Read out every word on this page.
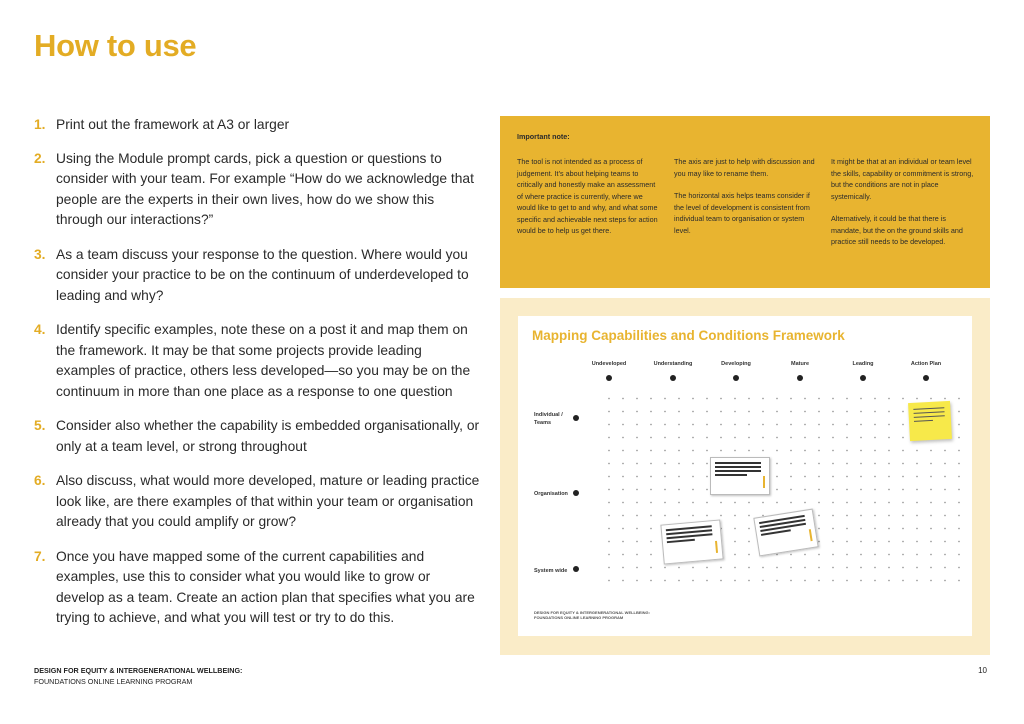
How to use
1. Print out the framework at A3 or larger
2. Using the Module prompt cards, pick a question or questions to consider with your team. For example “How do we acknowledge that people are the experts in their own lives, how do we show this through our interactions?”
3. As a team discuss your response to the question. Where would you consider your practice to be on the continuum of underdeveloped to leading and why?
4. Identify specific examples, note these on a post it and map them on the framework. It may be that some projects provide leading examples of practice, others less developed—so you may be on the continuum in more than one place as a response to one question
5. Consider also whether the capability is embedded organisationally, or only at a team level, or strong throughout
6. Also discuss, what would more developed, mature or leading practice look like, are there examples of that within your team or organisation already that you could amplify or grow?
7. Once you have mapped some of the current capabilities and examples, use this to consider what you would like to grow or develop as a team. Create an action plan that specifies what you are trying to achieve, and what you will test or try to do this.
Important note:

The tool is not intended as a process of judgement. It’s about helping teams to critically and honestly make an assessment of where practice is currently, where we would like to get to and why, and what some specific and achievable next steps for action would be to help us get there.

The axis are just to help with discussion and you may like to rename them.

The horizontal axis helps teams consider if the level of development is consistent from individual team to organisation or system level.

It might be that at an individual or team level the skills, capability or commitment is strong, but the conditions are not in place systemically.

Alternatively, it could be that there is mandate, but the on the ground skills and practice still needs to be developed.

Mapping Capabilities and Conditions Framework
Undeveloped	Understanding	Developing	Mature	Leading	Action Plan
Individual / Teams
Organisation
System wide
DESIGN FOR EQUITY & INTERGENERATIONAL WELLBEING:
FOUNDATIONS ONLINE LEARNING PROGRAM
DESIGN FOR EQUITY & INTERGENERATIONAL WELLBEING:
FOUNDATIONS ONLINE LEARNING PROGRAM
10
